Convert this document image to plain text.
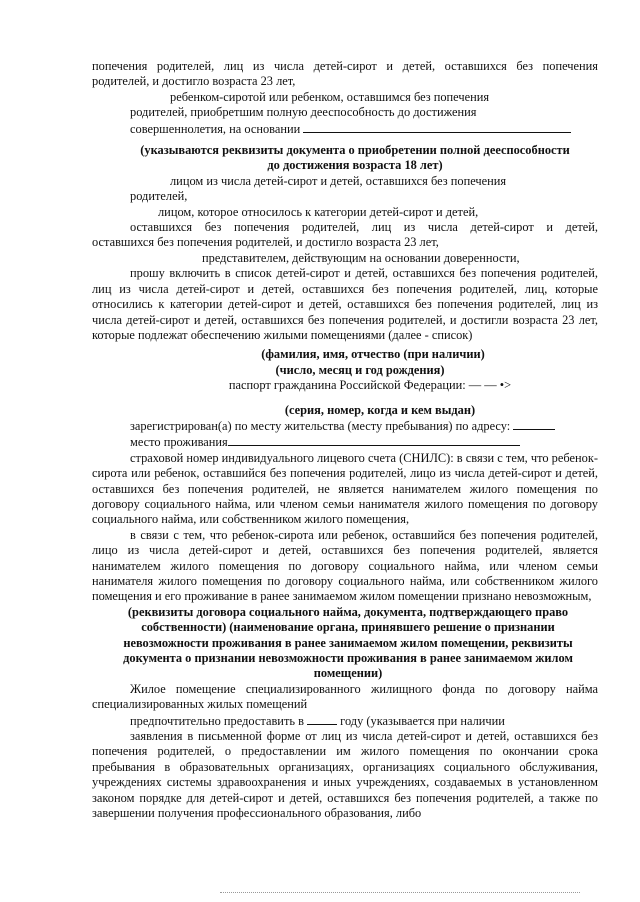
попечения родителей, лиц из числа детей-сирот и детей, оставшихся без попечения

родителей, и достигло возраста 23 лет,

ребенком-сиротой или ребенком, оставшимся без попечения

родителей, приобретшим полную дееспособность до достижения

совершеннолетия, на основании

(указываются реквизиты документа о приобретении полной дееспособности

до достижения возраста 18 лет)

лицом из числа детей-сирот и детей, оставшихся без попечения

родителей,

лицом, которое относилось к категории детей-сирот и детей,

оставшихся без попечения родителей, лиц из числа детей-сирот и детей,

оставшихся без попечения родителей, и достигло возраста 23 лет,

представителем, действующим на основании доверенности,

прошу включить в список детей-сирот и детей, оставшихся без попечения родителей, лиц из числа детей-сирот и детей, оставшихся без попечения родителей, лиц, которые относились к категории детей-сирот и детей, оставшихся без попечения родителей, лиц из числа детей-сирот и детей, оставшихся без попечения родителей, и достигли возраста 23 лет, которые подлежат обеспечению жилыми помещениями (далее - список)

(фамилия, имя, отчество (при наличии)

(число, месяц и год рождения)

паспорт гражданина Российской Федерации: — — •>

(серия, номер, когда и кем выдан)

зарегистрирован(а) по месту жительства (месту пребывания) по адресу:

место проживания

страховой номер индивидуального лицевого счета (СНИЛС): в связи с тем, что ребенок-сирота или ребенок, оставшийся без попечения родителей, лицо из числа детей-сирот и детей, оставшихся без попечения родителей, не является нанимателем жилого помещения по договору социального найма, или членом семьи нанимателя жилого помещения по договору социального найма, или собственником жилого помещения,

в связи с тем, что ребенок-сирота или ребенок, оставшийся без попечения родителей, лицо из числа детей-сирот и детей, оставшихся без попечения родителей, является нанимателем жилого помещения по договору социального найма, или членом семьи нанимателя жилого помещения по договору социального найма, или собственником жилого помещения и его проживание в ранее занимаемом жилом помещении признано невозможным,

(реквизиты договора социального найма, документа, подтверждающего право собственности) (наименование органа, принявшего решение о признании невозможности проживания в ранее занимаемом жилом помещении, реквизиты документа о признании невозможности проживания в ранее занимаемом жилом помещении)

Жилое помещение специализированного жилищного фонда по договору найма специализированных жилых помещений

предпочтительно предоставить в	году (указывается при наличии

заявления в письменной форме от лиц из числа детей-сирот и детей, оставшихся без попечения родителей, о предоставлении им жилого помещения по окончании срока пребывания в образовательных организациях, организациях социального обслуживания, учреждениях системы здравоохранения и иных учреждениях, создаваемых в установленном законом порядке для детей-сирот и детей, оставшихся без попечения родителей, а также по завершении получения профессионального образования, либо
